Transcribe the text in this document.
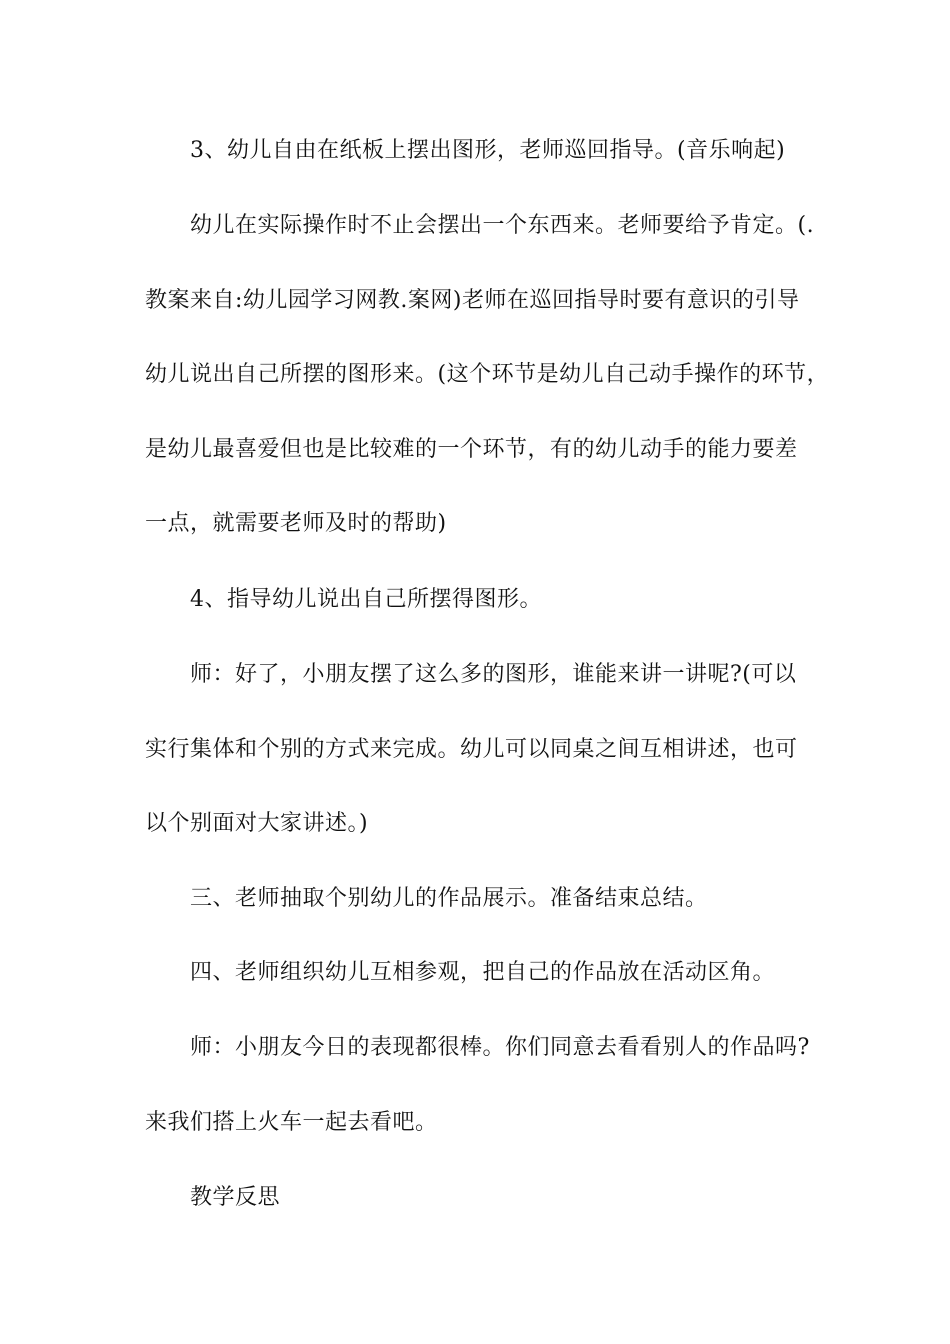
3、幼儿自由在纸板上摆出图形，老师巡回指导。(音乐响起)
幼儿在实际操作时不止会摆出一个东西来。老师要给予肯定。(.
教案来自:幼儿园学习网教.案网)老师在巡回指导时要有意识的引导
幼儿说出自己所摆的图形来。(这个环节是幼儿自己动手操作的环节，
是幼儿最喜爱但也是比较难的一个环节，有的幼儿动手的能力要差
一点，就需要老师及时的帮助)
4、指导幼儿说出自己所摆得图形。
师：好了，小朋友摆了这么多的图形，谁能来讲一讲呢?(可以
实行集体和个别的方式来完成。幼儿可以同桌之间互相讲述，也可
以个别面对大家讲述。)
三、老师抽取个别幼儿的作品展示。准备结束总结。
四、老师组织幼儿互相参观，把自己的作品放在活动区角。
师：小朋友今日的表现都很棒。你们同意去看看别人的作品吗?
来我们搭上火车一起去看吧。
教学反思
